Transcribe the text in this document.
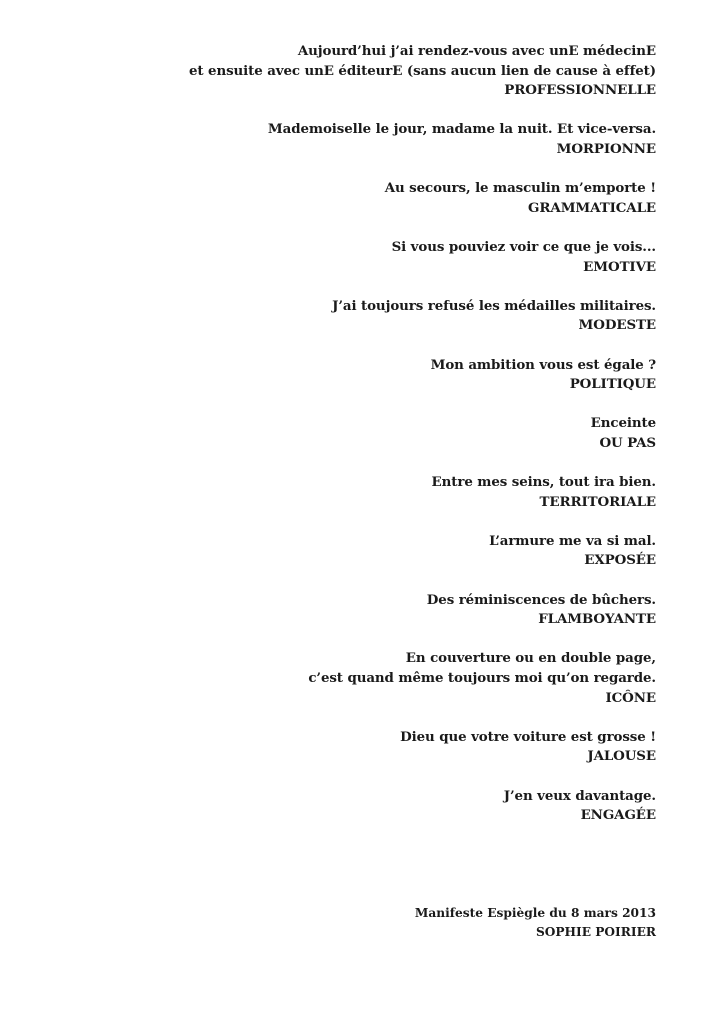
Aujourd’hui j’ai rendez-vous avec unE médecinE
et ensuite avec unE éditeurE (sans aucun lien de cause à effet)
PROFESSIONNELLE
Mademoiselle le jour, madame la nuit. Et vice-versa.
MORPIONNE
Au secours, le masculin m’emporte !
GRAMMATICALE
Si vous pouviez voir ce que je vois...
EMOTIVE
J’ai toujours refusé les médailles militaires.
MODESTE
Mon ambition vous est égale ?
POLITIQUE
Enceinte
OU PAS
Entre mes seins, tout ira bien.
TERRITORIALE
L’armure me va si mal.
EXPOSÉE
Des réminiscences de bûchers.
FLAMBOYANTE
En couverture ou en double page,
c’est quand même toujours moi qu’on regarde.
ICÔNE
Dieu que votre voiture est grosse !
JALOUSE
J’en veux davantage.
ENGAGÉE
Manifeste Espiègle du 8 mars 2013
SOPHIE POIRIER
